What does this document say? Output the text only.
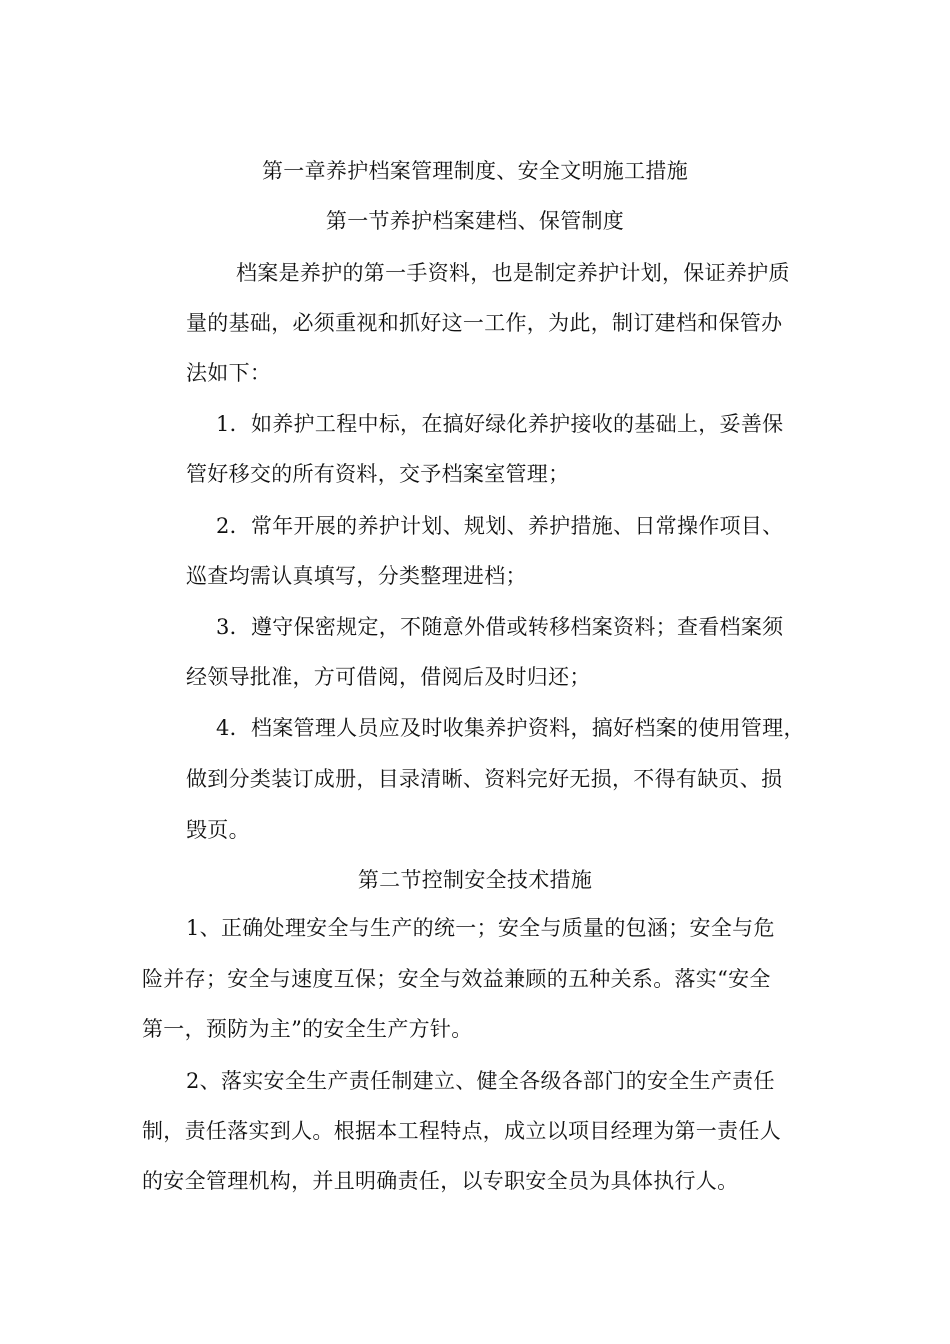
第一章养护档案管理制度、安全文明施工措施
第一节养护档案建档、保管制度
档案是养护的第一手资料，也是制定养护计划，保证养护质
量的基础，必须重视和抓好这一工作，为此，制订建档和保管办
法如下：
1．如养护工程中标，在搞好绿化养护接收的基础上，妥善保
管好移交的所有资料，交予档案室管理；
2．常年开展的养护计划、规划、养护措施、日常操作项目、
巡查均需认真填写，分类整理进档；
3．遵守保密规定，不随意外借或转移档案资料；查看档案须
经领导批准，方可借阅，借阅后及时归还；
4．档案管理人员应及时收集养护资料，搞好档案的使用管理，
做到分类装订成册，目录清晰、资料完好无损，不得有缺页、损
毁页。
第二节控制安全技术措施
1、正确处理安全与生产的统一；安全与质量的包涵；安全与危
险并存；安全与速度互保；安全与效益兼顾的五种关系。落实“安全
第一，预防为主”的安全生产方针。
2、落实安全生产责任制建立、健全各级各部门的安全生产责任
制，责任落实到人。根据本工程特点，成立以项目经理为第一责任人
的安全管理机构，并且明确责任，以专职安全员为具体执行人。
